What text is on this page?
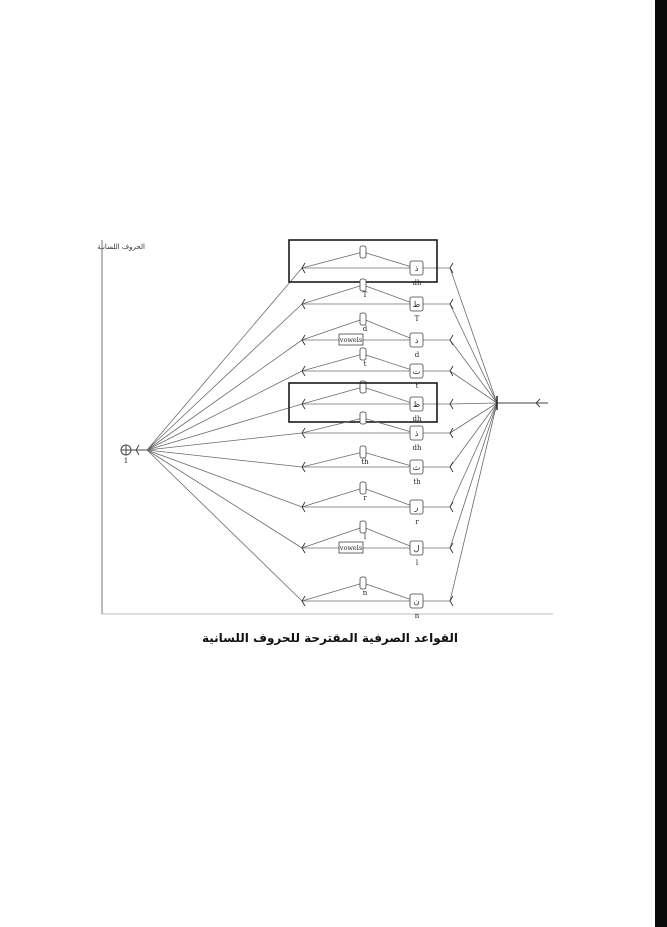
الحروف اللسانية
ذ
dh
T
ط
T
d
د
d
vowels
t
ت
t
ظ
dh
ذ
dh
th
ث
th
r
ر
r
l
ل
l
vowels
n
ن
n
1
القواعد الصرفية المقترحة للحروف اللسانية
